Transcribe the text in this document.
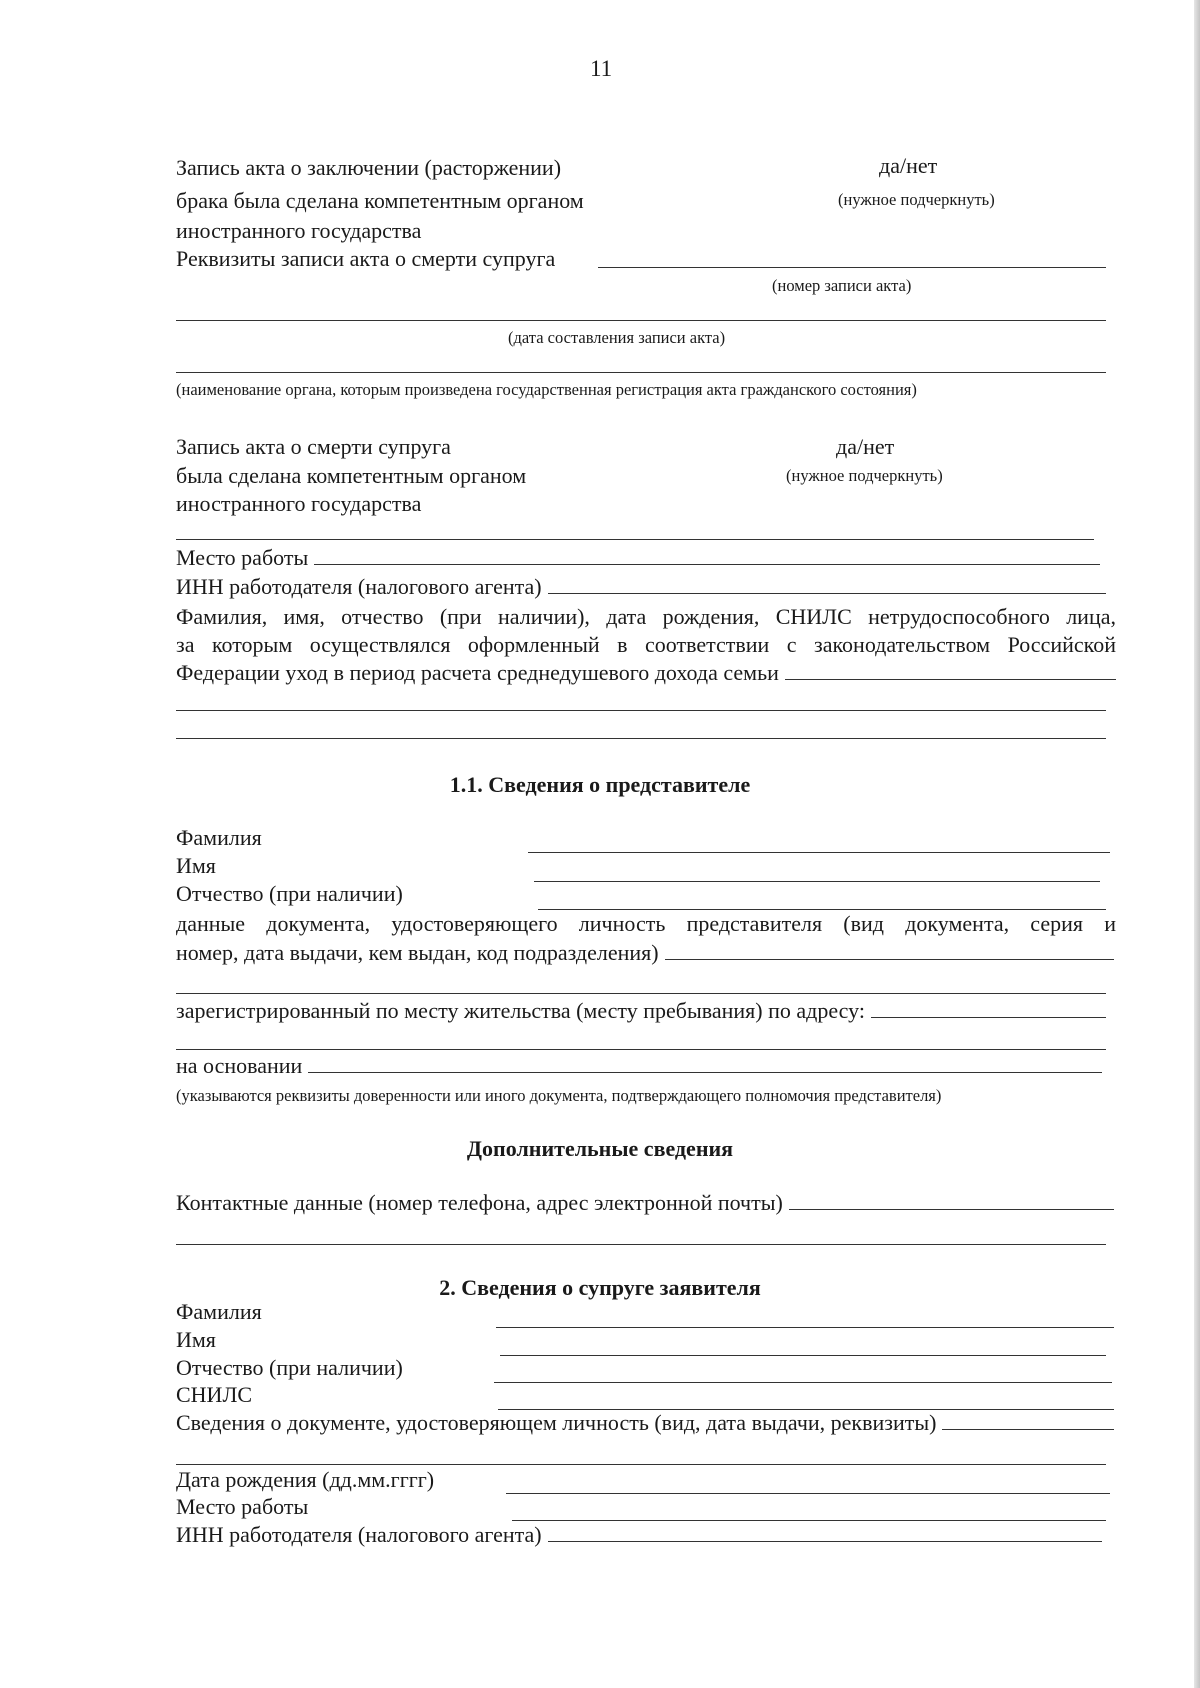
11
Запись акта о заключении (расторжении)
брака была сделана компетентным органом
иностранного государства
да/нет
(нужное подчеркнуть)
Реквизиты записи акта о смерти супруга
(номер записи акта)
(дата составления записи акта)
(наименование органа, которым произведена государственная регистрация акта гражданского состояния)
Запись акта о смерти супруга
была сделана компетентным органом
иностранного государства
да/нет
(нужное подчеркнуть)
Место работы
ИНН работодателя (налогового агента)
Фамилия, имя, отчество (при наличии), дата рождения, СНИЛС нетрудоспособного лица,
за которым осуществлялся оформленный в соответствии с законодательством Российской
Федерации уход в период расчета среднедушевого дохода семьи
1.1. Сведения о представителе
Фамилия
Имя
Отчество (при наличии)
данные документа, удостоверяющего личность представителя (вид документа, серия и
номер, дата выдачи, кем выдан, код подразделения)
зарегистрированный по месту жительства (месту пребывания) по адресу:
на основании
(указываются реквизиты доверенности или иного документа, подтверждающего полномочия представителя)
Дополнительные сведения
Контактные данные (номер телефона, адрес электронной почты)
2. Сведения о супруге заявителя
Фамилия
Имя
Отчество (при наличии)
СНИЛС
Сведения о документе, удостоверяющем личность (вид, дата выдачи, реквизиты)
Дата рождения (дд.мм.гггг)
Место работы
ИНН работодателя (налогового агента)
